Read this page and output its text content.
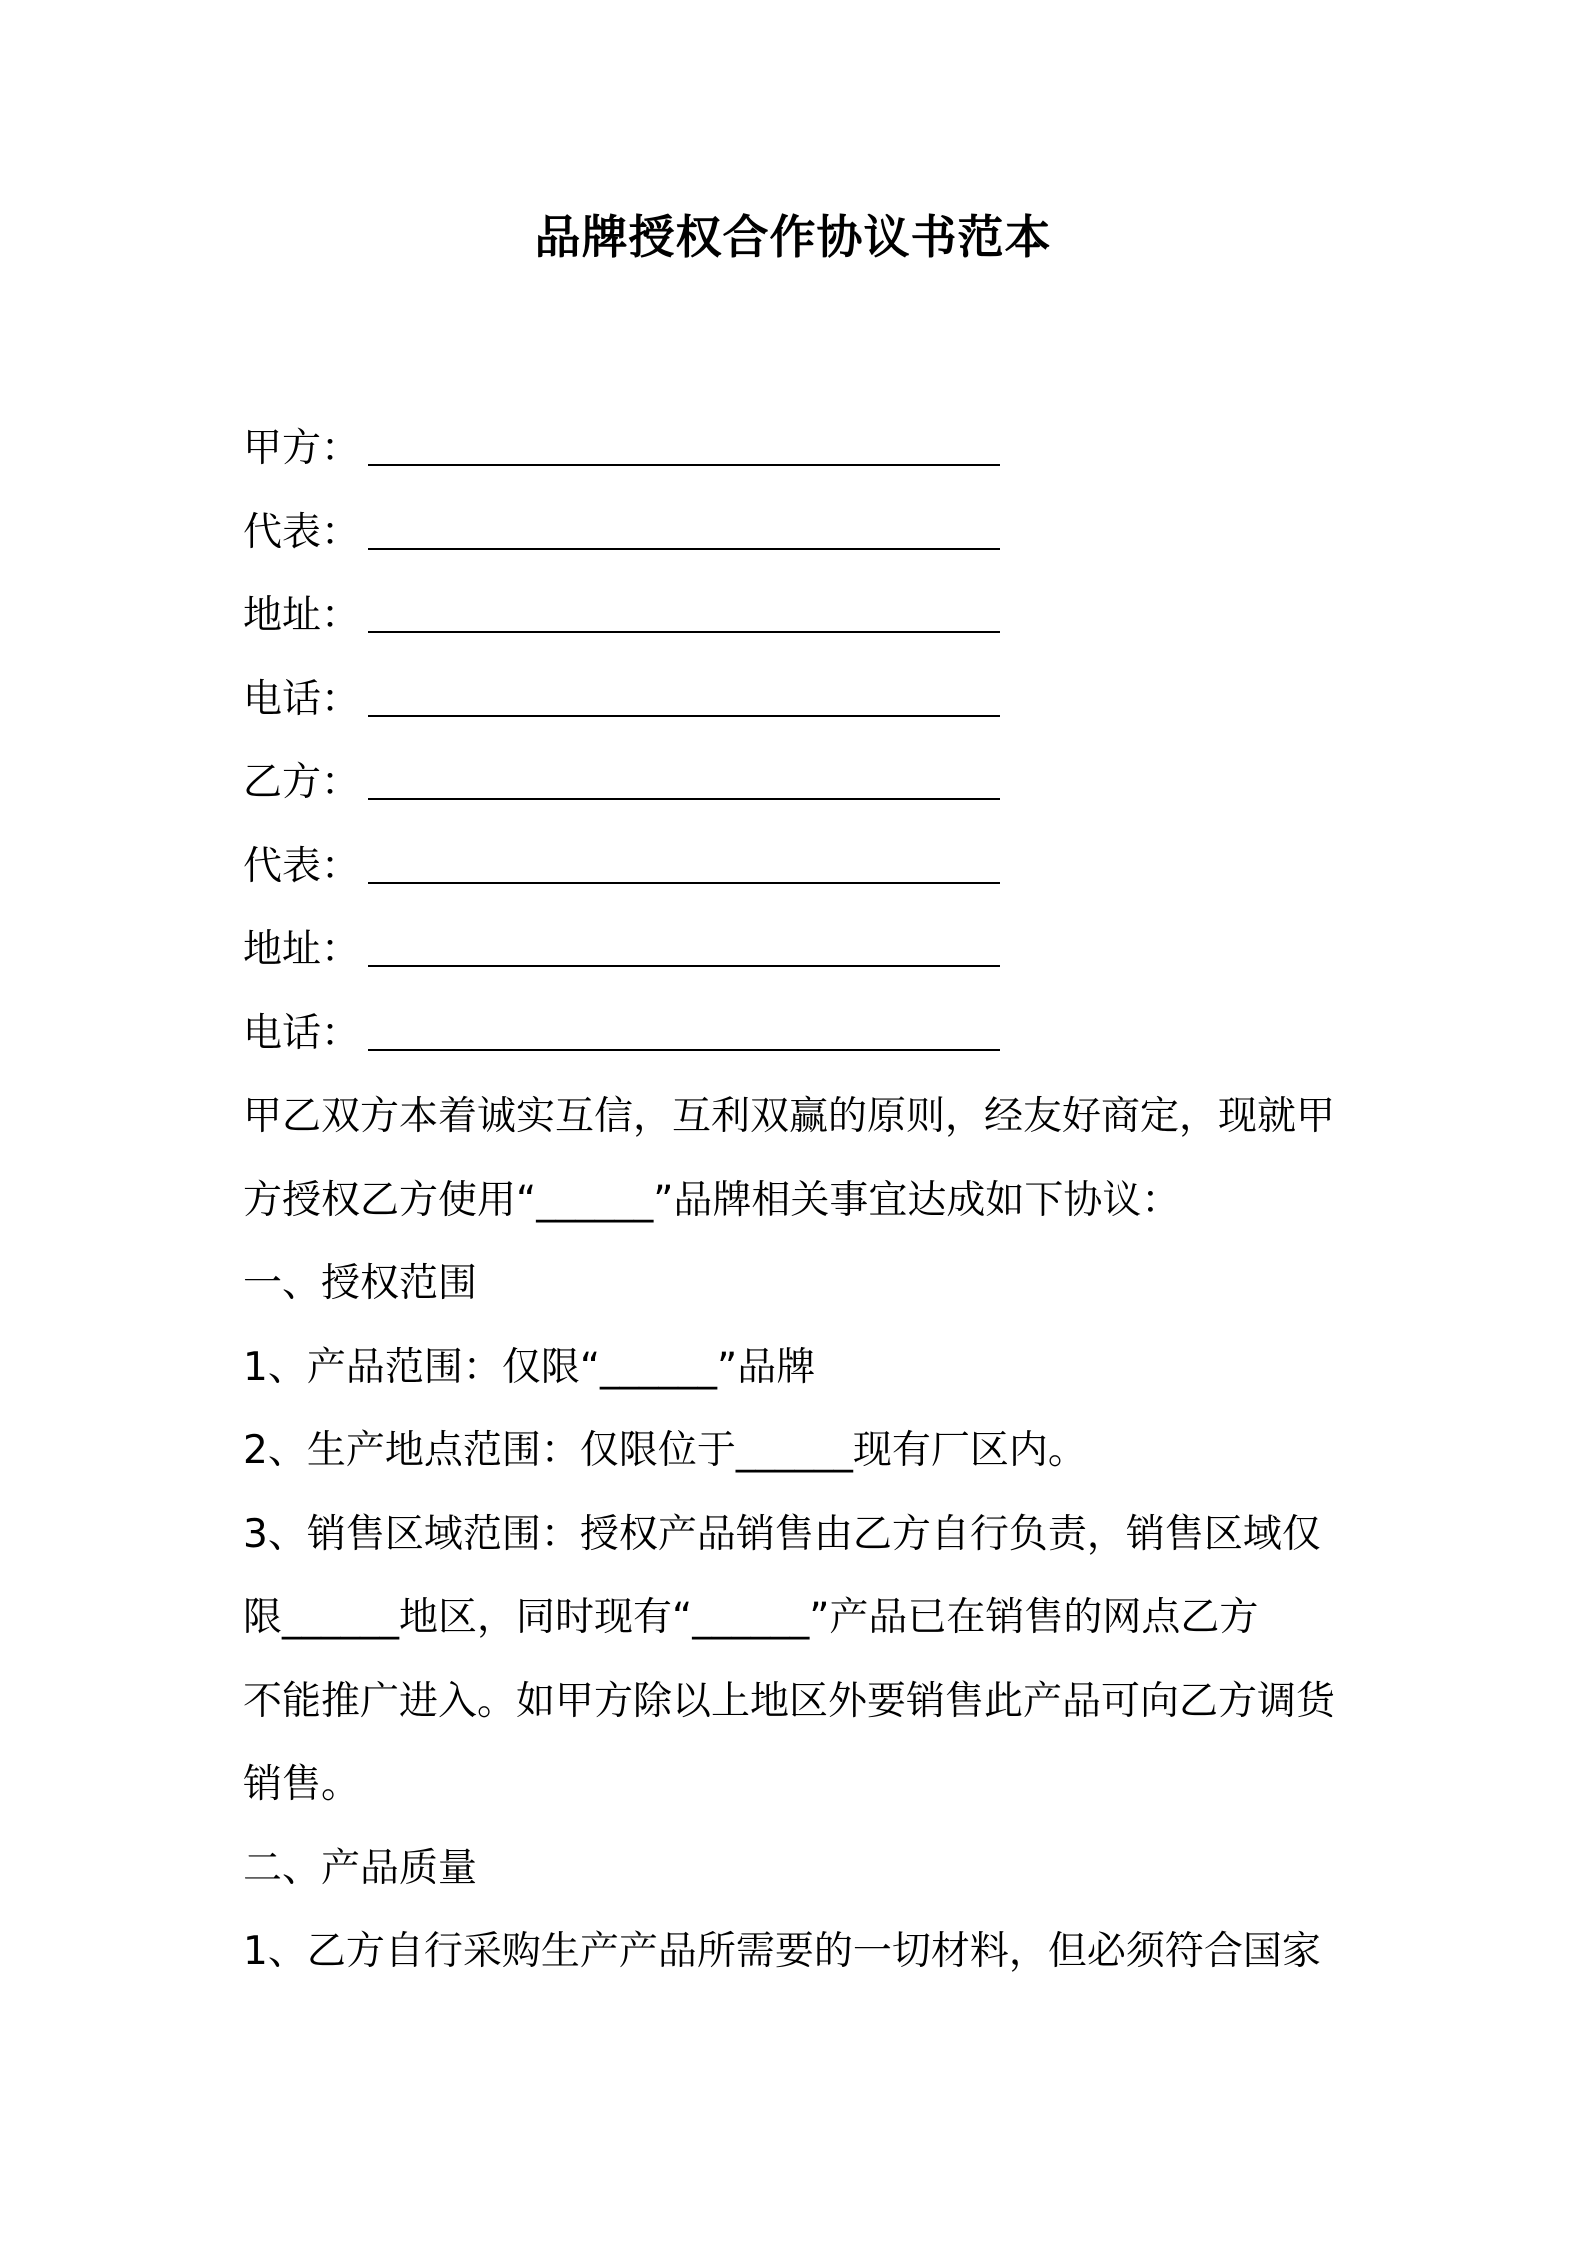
品牌授权合作协议书范本
甲方：
代表：
地址：
电话：
乙方：
代表：
地址：
电话：
甲乙双方本着诚实互信，互利双赢的原则，经友好商定，现就甲
方授权乙方使用“______”品牌相关事宜达成如下协议：
一、授权范围
1、产品范围：仅限“______”品牌
2、生产地点范围：仅限位于______现有厂区内。
3、销售区域范围：授权产品销售由乙方自行负责，销售区域仅
限______地区，同时现有“______”产品已在销售的网点乙方
不能推广进入。如甲方除以上地区外要销售此产品可向乙方调货
销售。
二、产品质量
1、乙方自行采购生产产品所需要的一切材料，但必须符合国家
